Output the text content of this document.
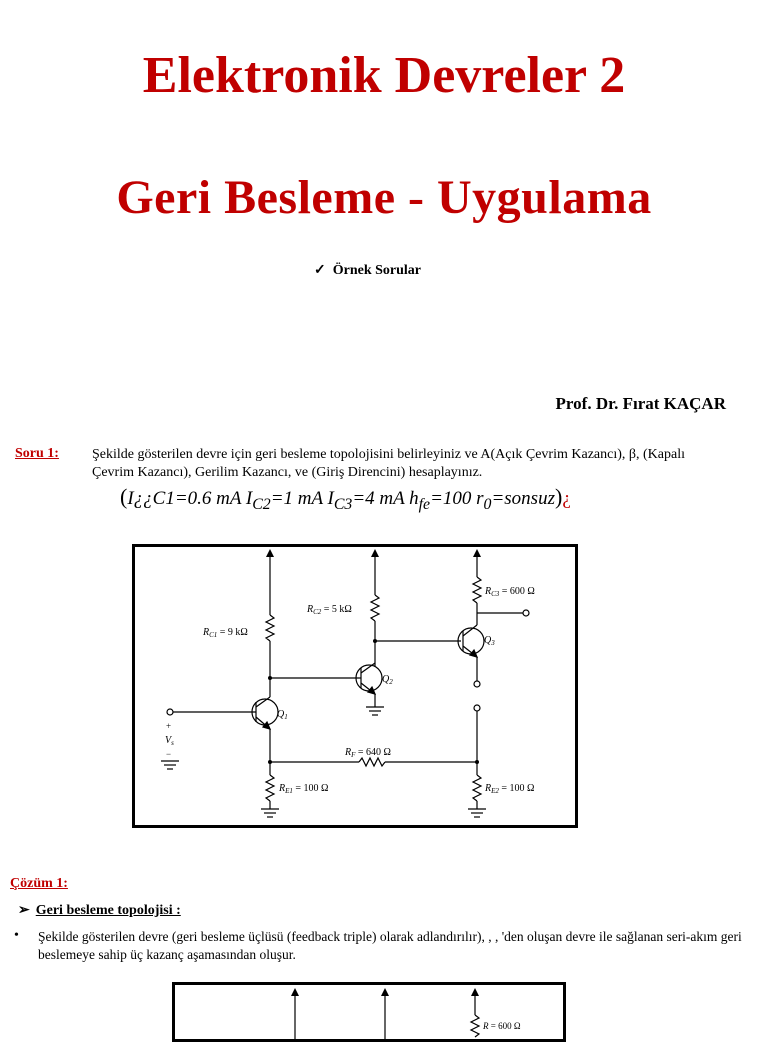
Elektronik Devreler 2
Geri Besleme - Uygulama
✓ Örnek Sorular
Prof. Dr. Fırat KAÇAR
Soru 1: Şekilde gösterilen devre için geri besleme topolojisini belirleyiniz ve A(Açık Çevrim Kazancı), β, (Kapalı Çevrim Kazancı), Gerilim Kazancı, ve (Giriş Direncini) hesaplayınız.
(I¿¿C1=0.6 mA $I_{C2}=1$ mA $I_{C3}=4$ mA $h_{fe}=100$ $r_0=sonsuz)¿$
$R_{C1} = 9$ kΩ
$R_{C2} = 5$ kΩ
$R_{C3} = 600$ Ω
$R_F = 640$ Ω
$R_{E1} = 100$ Ω	$R_{E2} = 100$ Ω
$Q_1$
$Q_2$
$Q_3$
+
$V_s$
−
Çözüm 1:
➢ Geri besleme topolojisi :
• Şekilde gösterilen devre (geri besleme üçlüsü (feedback triple) olarak adlandırılır), , , 'den oluşan devre ile sağlanan seri-akım geri beslemeye sahip üç kazanç aşamasından oluşur.
R = 600 Ω
